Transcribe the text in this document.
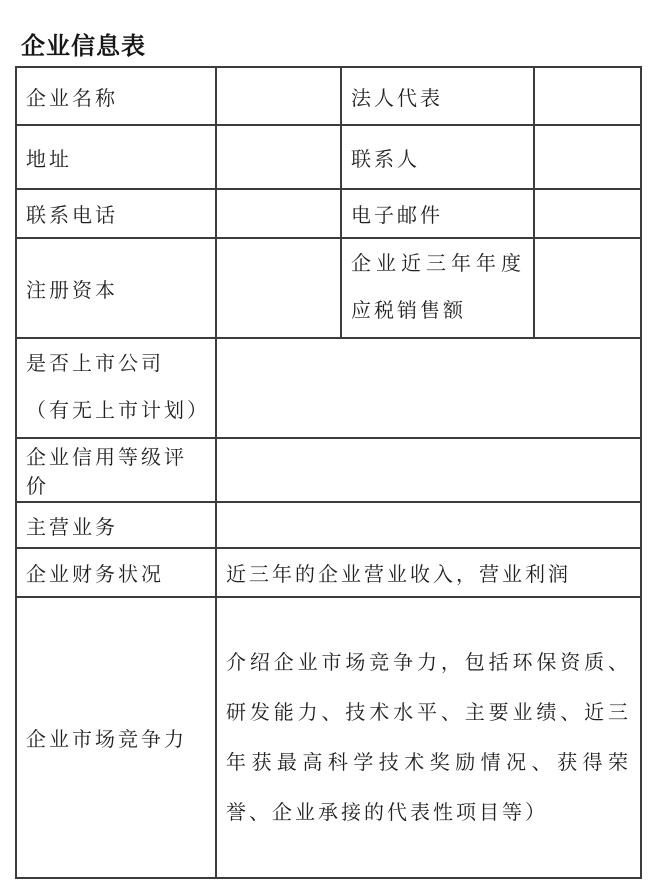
企业信息表
企业名称		法人代表	
地址		联系人	
联系电话		电子邮件	
注册资本		企业近三年年度应税销售额	

是否上市公司
（有无上市计划）			

企业信用等级评价			
主营业务			
企业财务状况	近三年的企业营业收入，营业利润		
企业市场竞争力	介绍企业市场竞争力，包括环保资质、研发能力、技术水平、主要业绩、近三年获最高科学技术奖励情况、获得荣誉、企业承接的代表性项目等）		
